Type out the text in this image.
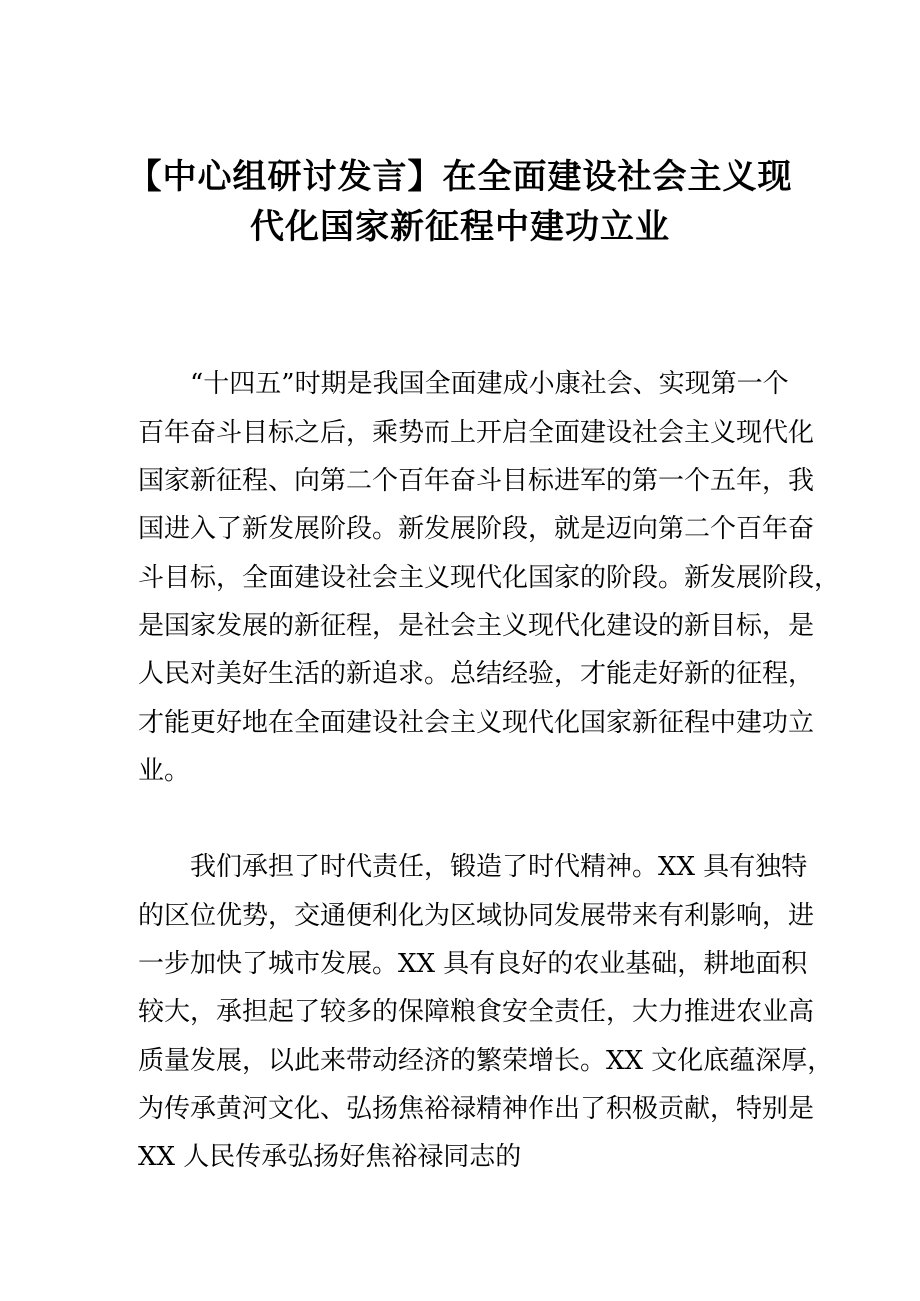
【中心组研讨发言】在全面建设社会主义现
代化国家新征程中建功立业
“十四五”时期是我国全面建成小康社会、实现第一个
百年奋斗目标之后，乘势而上开启全面建设社会主义现代化
国家新征程、向第二个百年奋斗目标进军的第一个五年，我
国进入了新发展阶段。新发展阶段，就是迈向第二个百年奋
斗目标，全面建设社会主义现代化国家的阶段。新发展阶段，
是国家发展的新征程，是社会主义现代化建设的新目标，是
人民对美好生活的新追求。总结经验，才能走好新的征程，
才能更好地在全面建设社会主义现代化国家新征程中建功立
业。
我们承担了时代责任，锻造了时代精神。XX 具有独特
的区位优势，交通便利化为区域协同发展带来有利影响，进
一步加快了城市发展。XX 具有良好的农业基础，耕地面积
较大，承担起了较多的保障粮食安全责任，大力推进农业高
质量发展，以此来带动经济的繁荣增长。XX 文化底蕴深厚，
为传承黄河文化、弘扬焦裕禄精神作出了积极贡献，特别是
XX 人民传承弘扬好焦裕禄同志的
